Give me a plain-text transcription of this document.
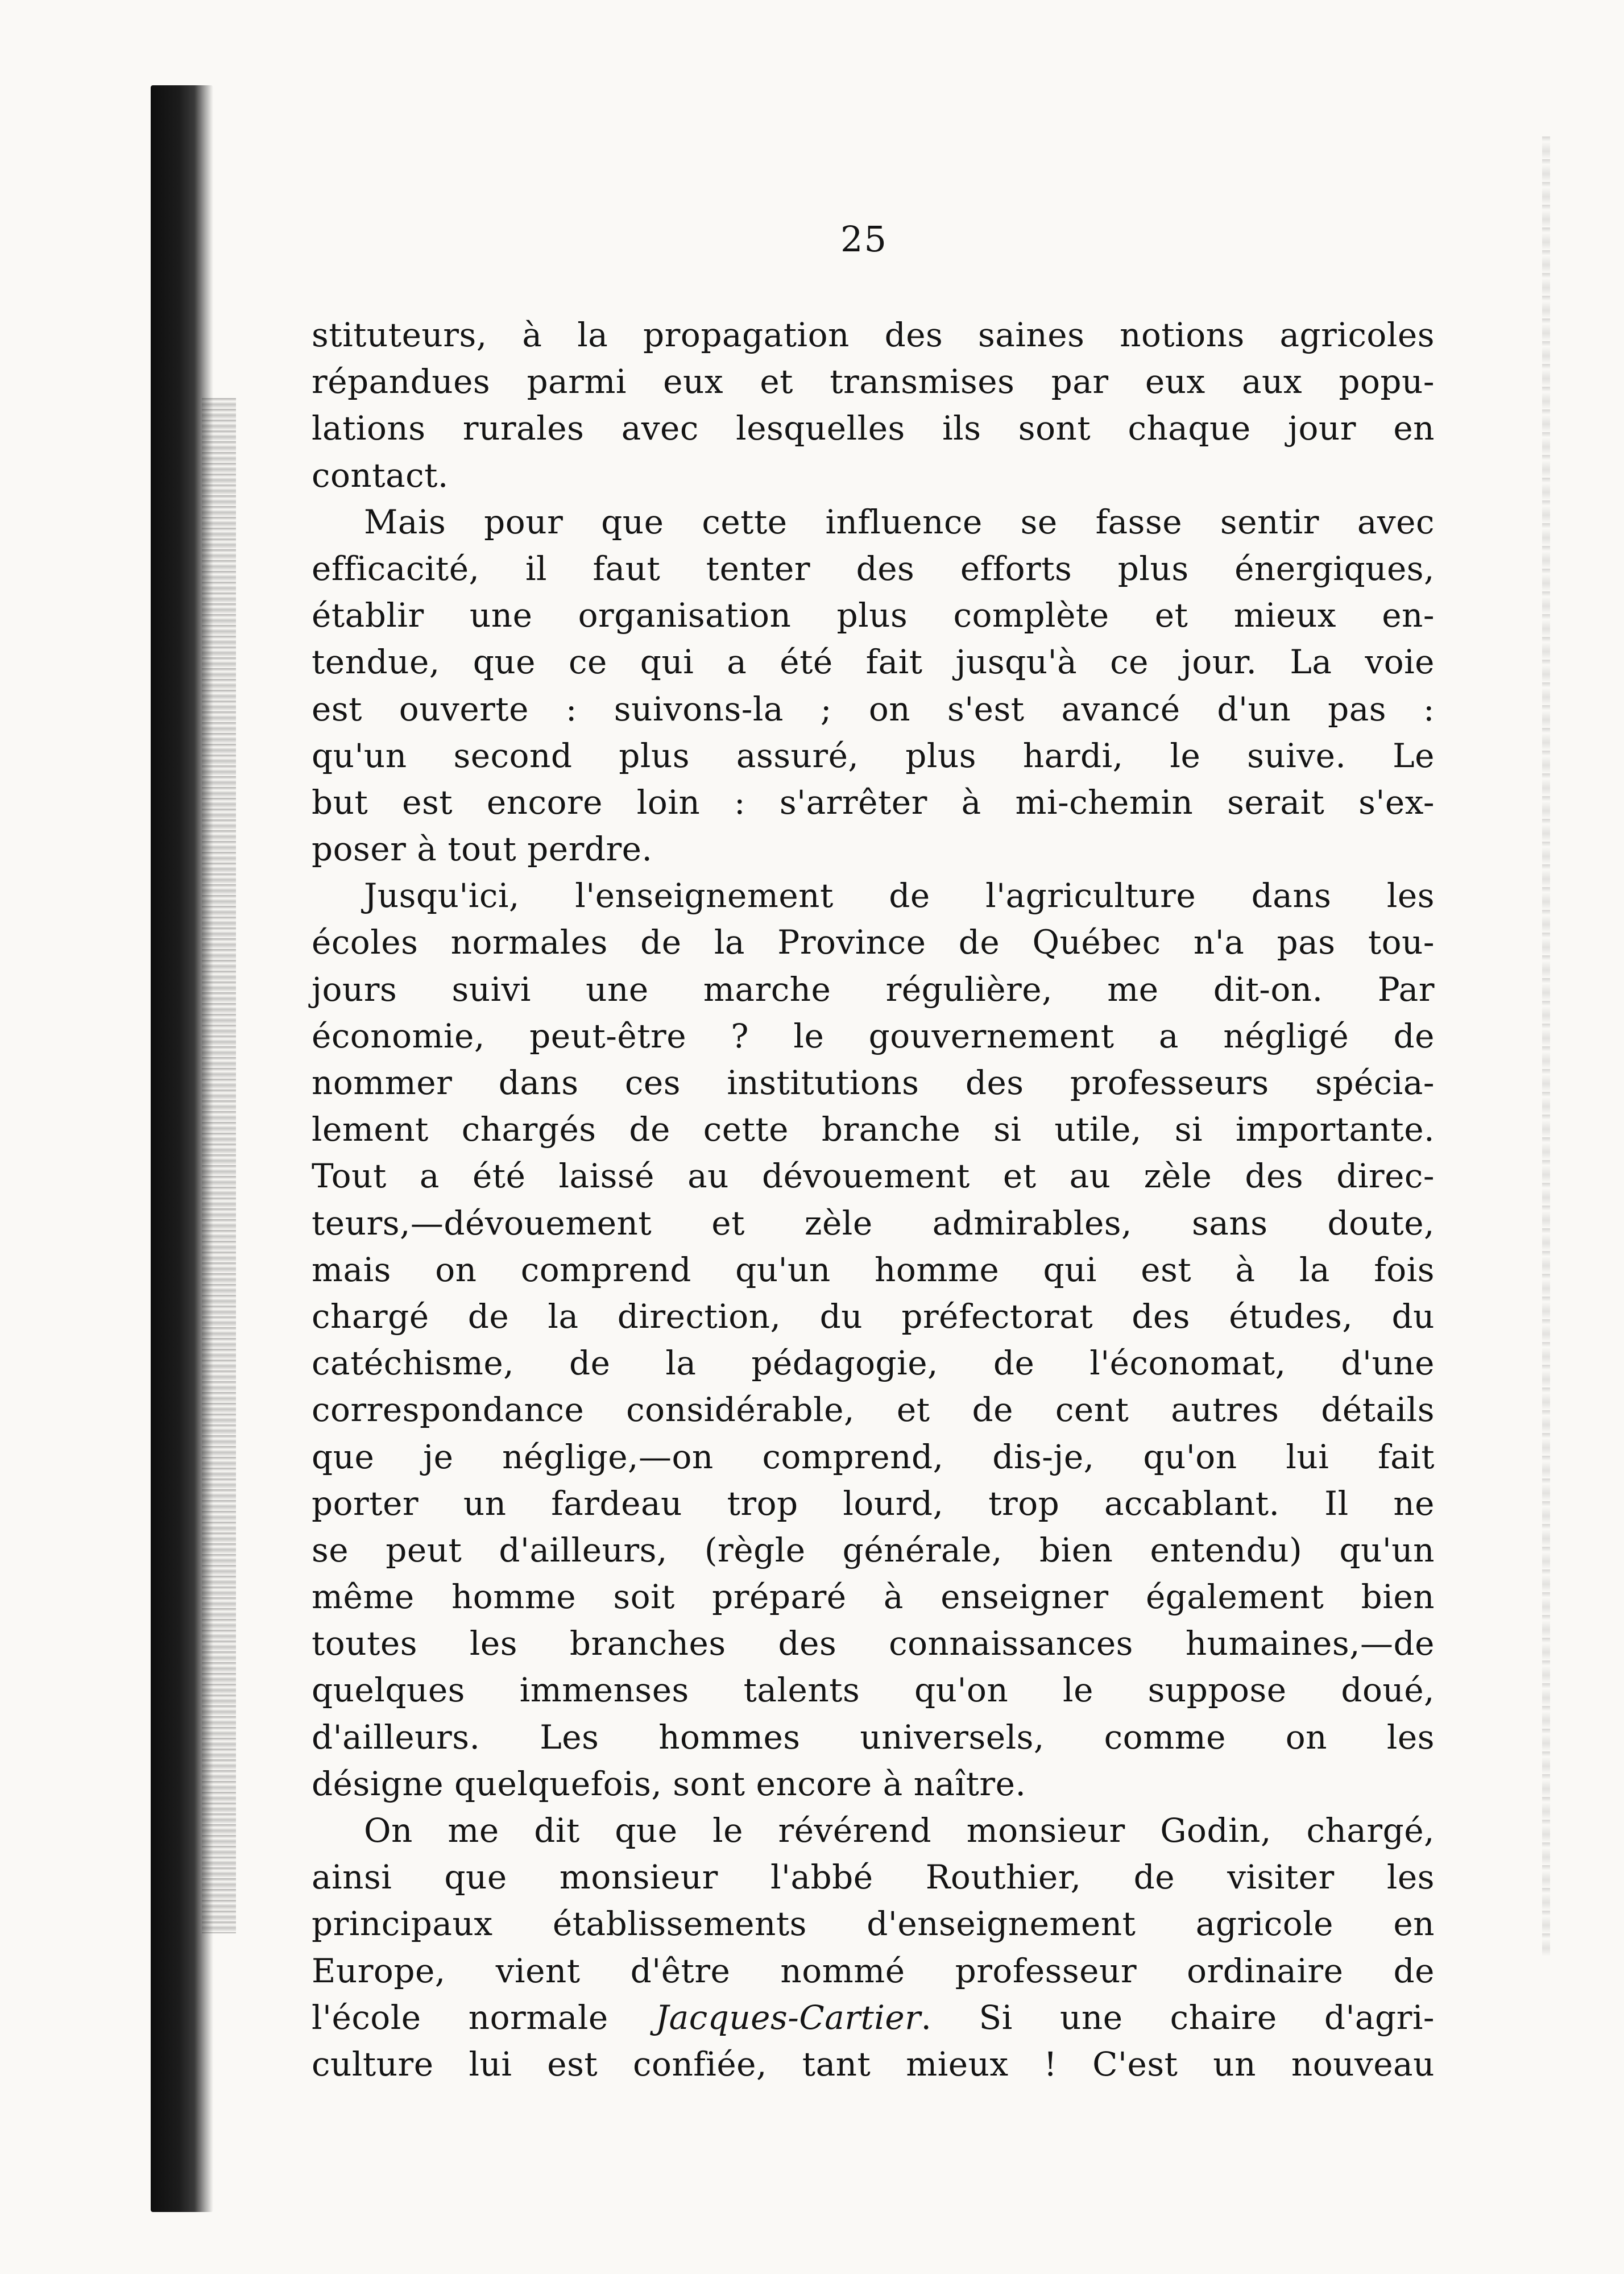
25
stituteurs, à la propagation des saines notions agricoles
répandues parmi eux et transmises par eux aux popu-
lations rurales avec lesquelles ils sont chaque jour en
contact.
Mais pour que cette influence se fasse sentir avec
efficacité, il faut tenter des efforts plus énergiques,
établir une organisation plus complète et mieux en-
tendue, que ce qui a été fait jusqu'à ce jour. La voie
est ouverte : suivons-la ; on s'est avancé d'un pas :
qu'un second plus assuré, plus hardi, le suive. Le
but est encore loin : s'arrêter à mi-chemin serait s'ex-
poser à tout perdre.
Jusqu'ici, l'enseignement de l'agriculture dans les
écoles normales de la Province de Québec n'a pas tou-
jours suivi une marche régulière, me dit-on. Par
économie, peut-être ? le gouvernement a négligé de
nommer dans ces institutions des professeurs spécia-
lement chargés de cette branche si utile, si importante.
Tout a été laissé au dévouement et au zèle des direc-
teurs,—dévouement et zèle admirables, sans doute,
mais on comprend qu'un homme qui est à la fois
chargé de la direction, du préfectorat des études, du
catéchisme, de la pédagogie, de l'économat, d'une
correspondance considérable, et de cent autres détails
que je néglige,—on comprend, dis-je, qu'on lui fait
porter un fardeau trop lourd, trop accablant. Il ne
se peut d'ailleurs, (règle générale, bien entendu) qu'un
même homme soit préparé à enseigner également bien
toutes les branches des connaissances humaines,—de
quelques immenses talents qu'on le suppose doué,
d'ailleurs. Les hommes universels, comme on les
désigne quelquefois, sont encore à naître.
On me dit que le révérend monsieur Godin, chargé,
ainsi que monsieur l'abbé Routhier, de visiter les
principaux établissements d'enseignement agricole en
Europe, vient d'être nommé professeur ordinaire de
l'école normale Jacques-Cartier. Si une chaire d'agri-
culture lui est confiée, tant mieux ! C'est un nouveau
